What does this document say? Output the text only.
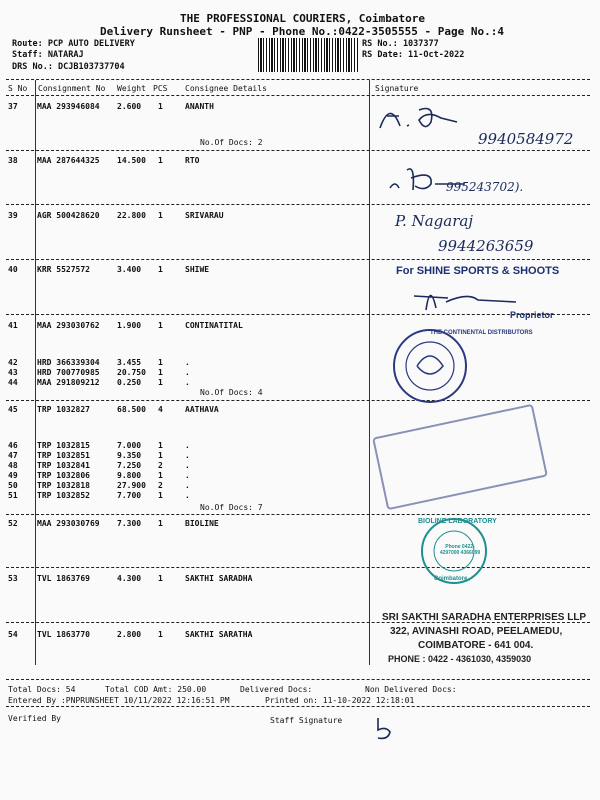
THE PROFESSIONAL COURIERS, Coimbatore
Delivery Runsheet - PNP - Phone No.:0422-3505555 - Page No.:4
Route: PCP AUTO DELIVERY
Staff: NATARAJ
DRS No.: DCJB103737704
RS No.: 1037377
RS Date: 11-Oct-2022
S No Consignment No Weight PCS Consignee Details	Signature
37 MAA 293946084 2.600 1	ANANTH
No.Of Docs: 2
38 MAA 287644325 14.500 1	RTO
39 AGR 500428620 22.800 1	SRIVARAU
40 KRR 5527572	3.400 1	SHIWE
41 MAA 293030762 1.900 1	CONTINATITAL
42 HRD 366339304 3.455 1	.
43 HRD 700770985 20.750 1	.
44 MAA 291809212 0.250 1	.
No.Of Docs: 4
45 TRP 1032827	68.500 4	AATHAVA
46 TRP 1032815	7.000 1	.
47 TRP 1032851	9.350 1	.
48 TRP 1032841	7.250 2	.
49 TRP 1032806	9.800 1	.
50 TRP 1032818	27.900 2	.
51 TRP 1032852	7.700 1	.
No.Of Docs: 7
52 MAA 293030769 7.300 1	BIOLINE
53 TVL 1863769	4.300 1	SAKTHI SARADHA
54 TVL 1863770	2.800 1	SAKTHI SARATHA
Total Docs: 54	Total COD Amt: 250.00	Delivered Docs:	Non Delivered Docs:
Entered By :PNPRUNSHEET 10/11/2022 12:16:51 PM	Printed on: 11-10-2022 12:18:01
Verified By	Staff Signature
9940584972
995243702).
P. Nagaraj
9944263659
For SHINE SPORTS & SHOOTS
Proprietor
THE CONTINENTAL DISTRIBUTORS
BIOLINE LABORATORY
Phone 0422-4297000 4366099
Coimbatore
SRI SAKTHI SARADHA ENTERPRISES LLP
322, AVINASHI ROAD, PEELAMEDU,
COIMBATORE - 641 004.
PHONE : 0422 - 4361030, 4359030
